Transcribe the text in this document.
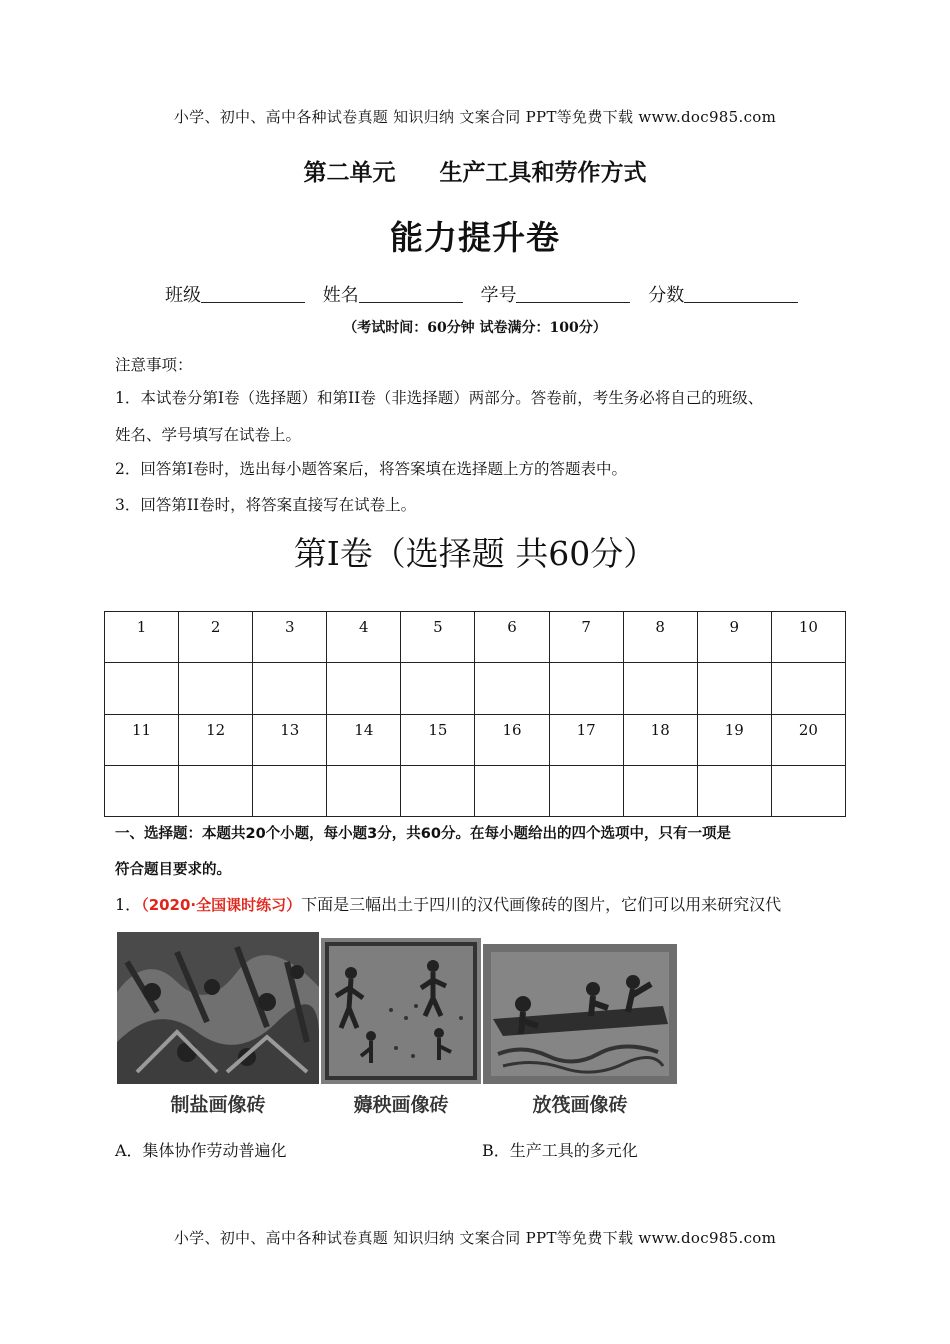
小学、初中、高中各种试卷真题 知识归纳 文案合同 PPT等免费下载 www.doc985.com
第二单元 生产工具和劳作方式
能力提升卷
班级	姓名	学号	分数
（考试时间：60分钟 试卷满分：100分）
注意事项：
1．本试卷分第I卷（选择题）和第II卷（非选择题）两部分。答卷前，考生务必将自己的班级、
姓名、学号填写在试卷上。
2．回答第I卷时，选出每小题答案后，将答案填在选择题上方的答题表中。
3．回答第II卷时，将答案直接写在试卷上。
第Ⅰ卷（选择题 共60分）
1	2	3	4	5	6	7	8	9	10

11	12	13	14	15	16	17	18	19	20

一、选择题：本题共20个小题，每小题3分，共60分。在每小题给出的四个选项中，只有一项是
符合题目要求的。
1．（2020·全国课时练习）下面是三幅出土于四川的汉代画像砖的图片，它们可以用来研究汉代
制盐画像砖	薅秧画像砖	放筏画像砖
A．集体协作劳动普遍化	B．生产工具的多元化
小学、初中、高中各种试卷真题 知识归纳 文案合同 PPT等免费下载 www.doc985.com
